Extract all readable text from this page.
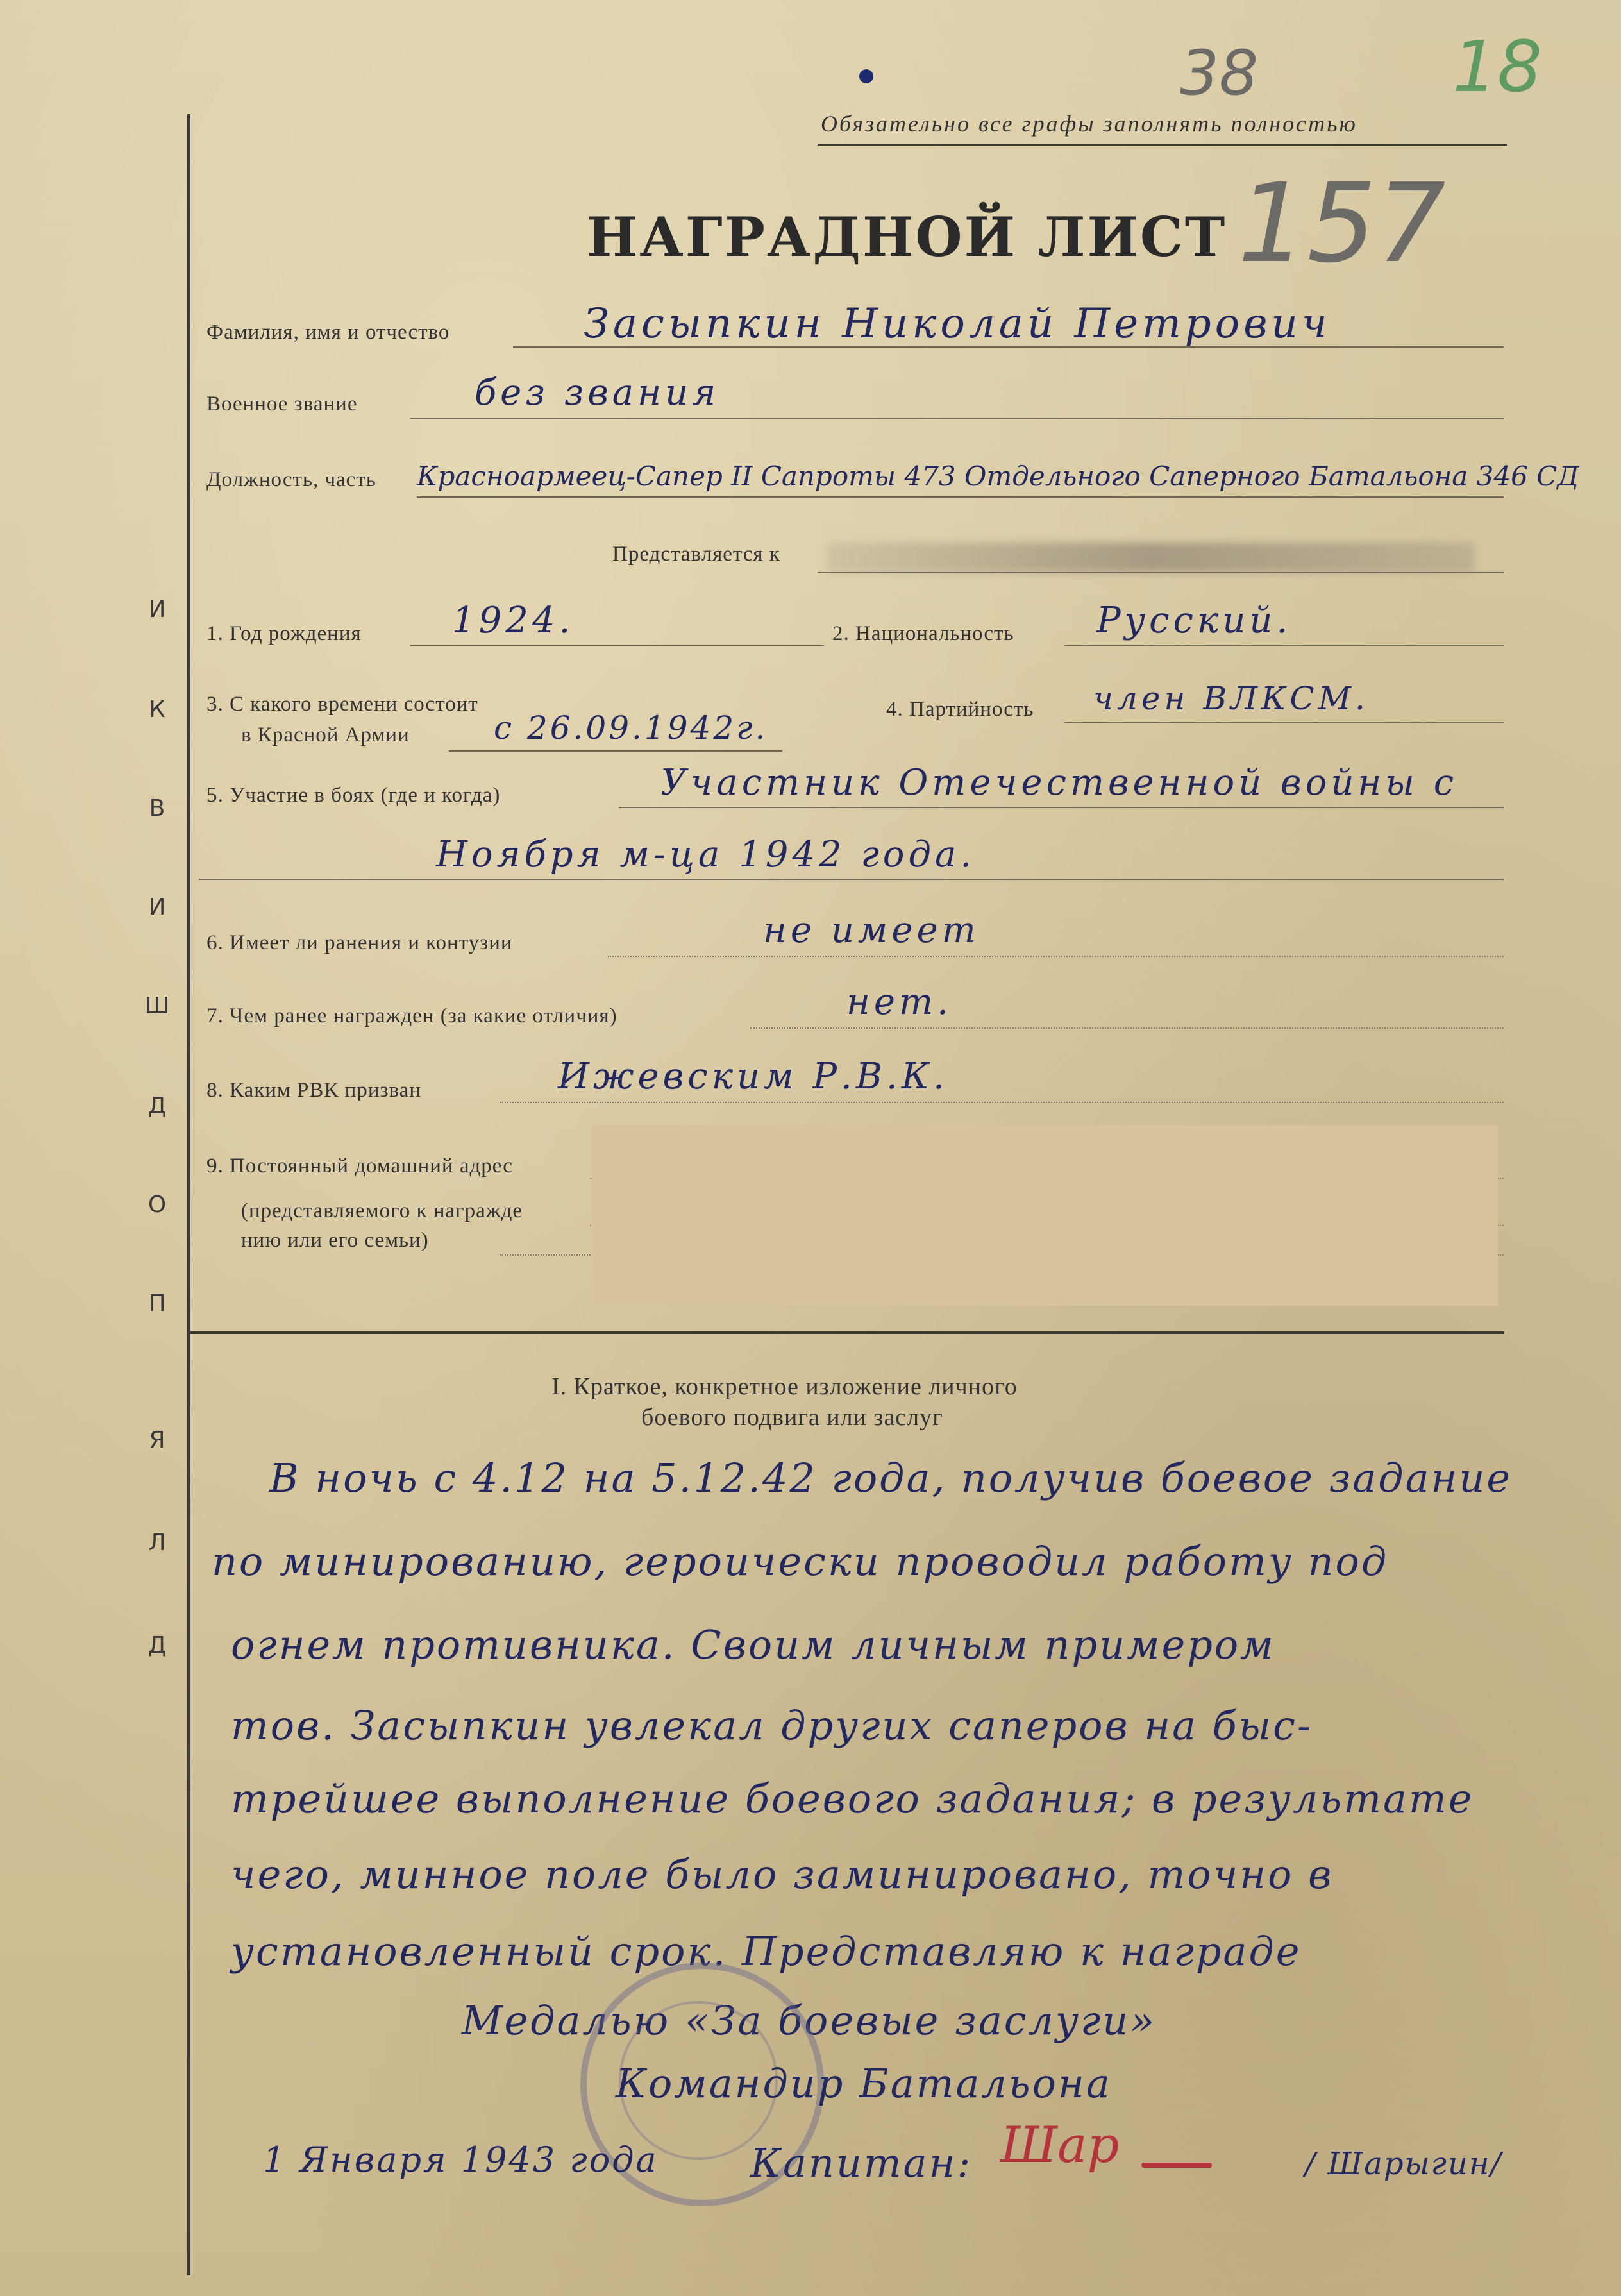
38	18
Обязательно все графы заполнять полностью
157
НАГРАДНОЙ ЛИСТ
Д
Л
Я
П
О
Д
Ш
И
В
К
И
Фамилия, имя и отчество	Засыпкин Николай Петрович
Военное звание	без звания
Должность, часть Красноармеец-Сапер II Сапроты 473 Отдельного Саперного Батальона 346 СД
Представляется к
1. Год рождения	1924.	2. Национальность Русский.
3. С какого времени состоит
в Красной Армии	с 26.09.1942г.	4. Партийность член ВЛКСМ.
5. Участие в боях (где и когда)	Участник Отечественной войны с
Ноября м-ца 1942 года.
6. Имеет ли ранения и контузии	не имеет
7. Чем ранее награжден (за какие отличия)	нет.
8. Каким РВК призван	Ижевским Р.В.К.
9. Постоянный домашний адрес
(представляемого к награжде
нию или его семьи)
I. Краткое, конкретное изложение личного
боевого подвига или заслуг
В ночь с 4.12 на 5.12.42 года, получив боевое задание
по минированию, героически проводил работу под
огнем противника. Своим личным примером
тов. Засыпкин увлекал других саперов на быс-
трейшее выполнение боевого задания; в результате
чего, минное поле было заминировано, точно в
установленный срок. Представляю к награде
Медалью «За боевые заслуги»
Командир Батальона
1 Января 1943 года Капитан: Шар	/ Шарыгин/
